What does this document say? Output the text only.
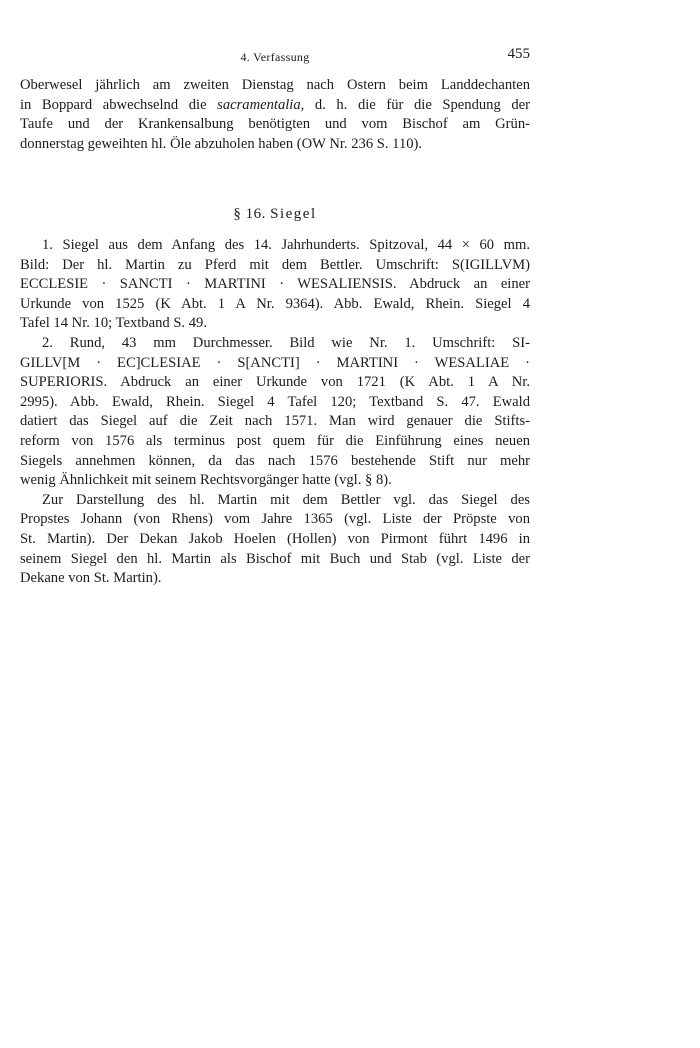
4. Verfassung	455
Oberwesel jährlich am zweiten Dienstag nach Ostern beim Landdechanten
in Boppard abwechselnd die sacramentalia, d. h. die für die Spendung der
Taufe und der Krankensalbung benötigten und vom Bischof am Grün-
donnerstag geweihten hl. Öle abzuholen haben (OW Nr. 236 S. 110).
§ 16. Siegel
1. Siegel aus dem Anfang des 14. Jahrhunderts. Spitzoval, 44 × 60 mm.
Bild: Der hl. Martin zu Pferd mit dem Bettler. Umschrift: S(IGILLVM)
ECCLESIE · SANCTI · MARTINI · WESALIENSIS. Abdruck an einer
Urkunde von 1525 (K Abt. 1 A Nr. 9364). Abb. Ewald, Rhein. Siegel 4
Tafel 14 Nr. 10; Textband S. 49.
2. Rund, 43 mm Durchmesser. Bild wie Nr. 1. Umschrift: SI-
GILLV[M · EC]CLESIAE · S[ANCTI] · MARTINI · WESALIAE ·
SUPERIORIS. Abdruck an einer Urkunde von 1721 (K Abt. 1 A Nr.
2995). Abb. Ewald, Rhein. Siegel 4 Tafel 120; Textband S. 47. Ewald
datiert das Siegel auf die Zeit nach 1571. Man wird genauer die Stifts-
reform von 1576 als terminus post quem für die Einführung eines neuen
Siegels annehmen können, da das nach 1576 bestehende Stift nur mehr
wenig Ähnlichkeit mit seinem Rechtsvorgänger hatte (vgl. § 8).
Zur Darstellung des hl. Martin mit dem Bettler vgl. das Siegel des
Propstes Johann (von Rhens) vom Jahre 1365 (vgl. Liste der Pröpste von
St. Martin). Der Dekan Jakob Hoelen (Hollen) von Pirmont führt 1496 in
seinem Siegel den hl. Martin als Bischof mit Buch und Stab (vgl. Liste der
Dekane von St. Martin).
